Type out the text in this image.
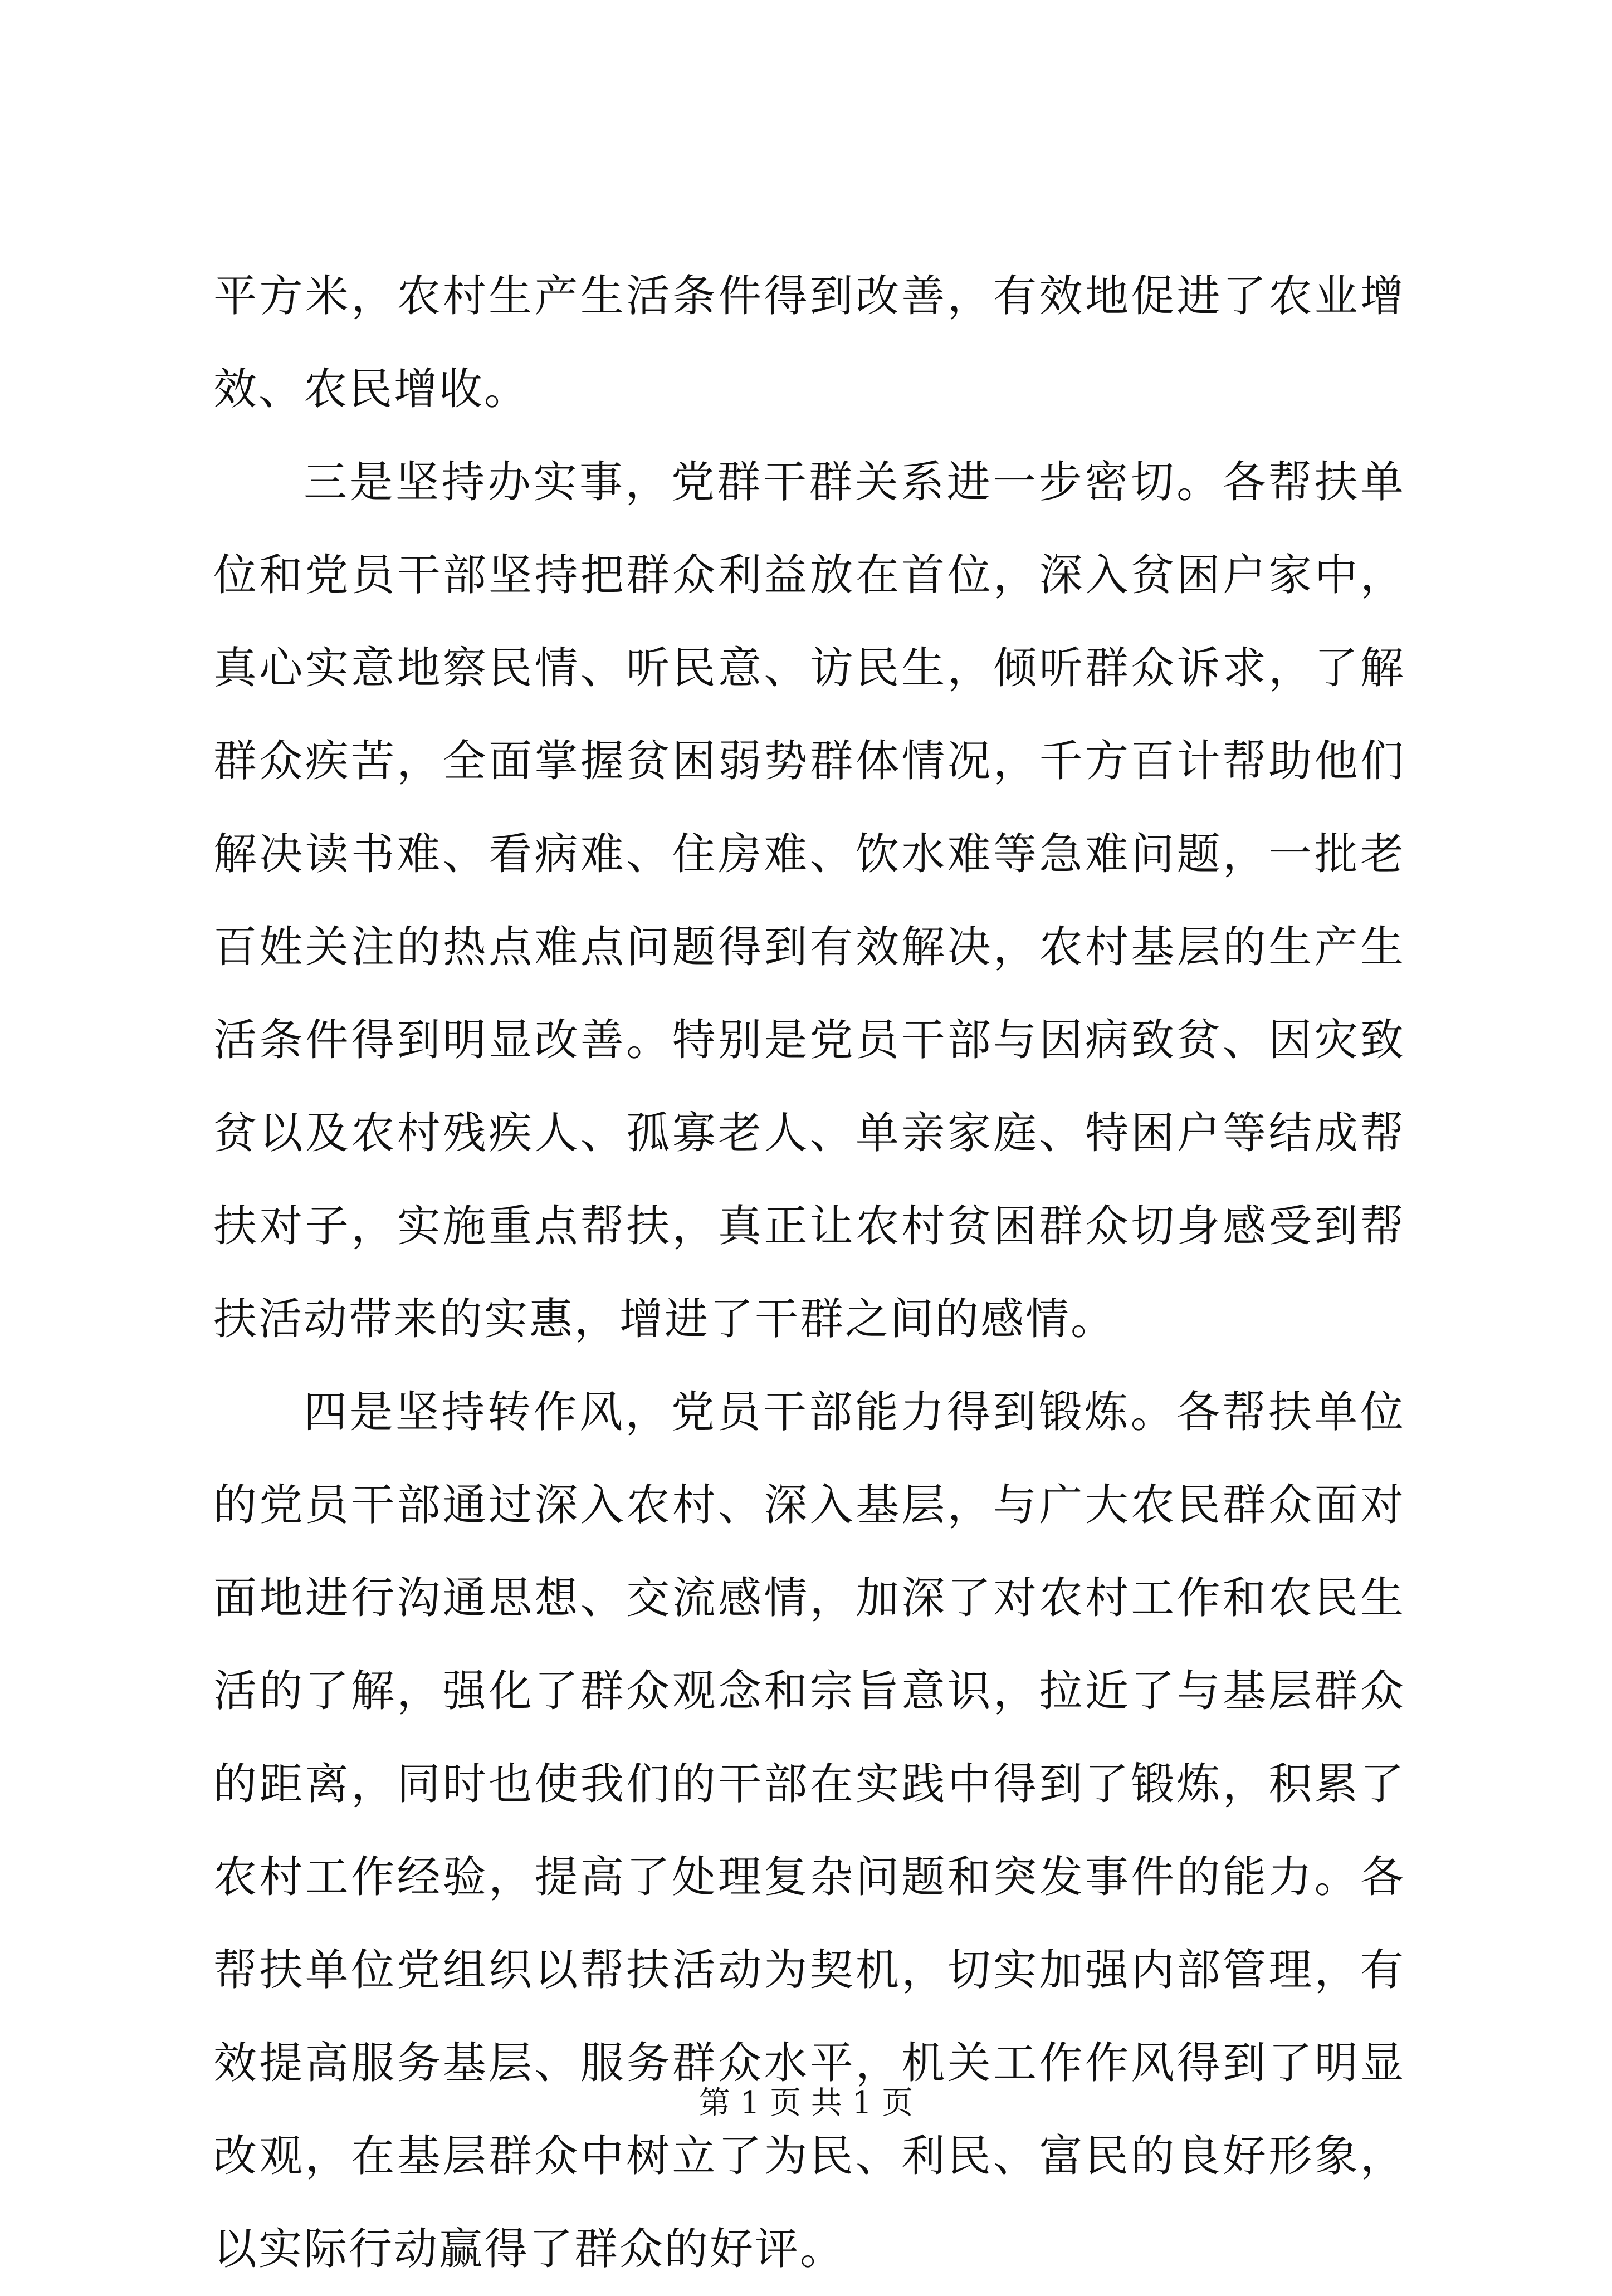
平方米，农村生产生活条件得到改善，有效地促进了农业增效、农民增收。

三是坚持办实事，党群干群关系进一步密切。各帮扶单位和党员干部坚持把群众利益放在首位，深入贫困户家中，真心实意地察民情、听民意、访民生，倾听群众诉求，了解群众疾苦，全面掌握贫困弱势群体情况，千方百计帮助他们解决读书难、看病难、住房难、饮水难等急难问题，一批老百姓关注的热点难点问题得到有效解决，农村基层的生产生活条件得到明显改善。特别是党员干部与因病致贫、因灾致贫以及农村残疾人、孤寡老人、单亲家庭、特困户等结成帮扶对子，实施重点帮扶，真正让农村贫困群众切身感受到帮扶活动带来的实惠，增进了干群之间的感情。

四是坚持转作风，党员干部能力得到锻炼。各帮扶单位的党员干部通过深入农村、深入基层，与广大农民群众面对面地进行沟通思想、交流感情，加深了对农村工作和农民生活的了解，强化了群众观念和宗旨意识，拉近了与基层群众的距离，同时也使我们的干部在实践中得到了锻炼，积累了农村工作经验，提高了处理复杂问题和突发事件的能力。各帮扶单位党组织以帮扶活动为契机，切实加强内部管理，有效提高服务基层、服务群众水平，机关工作作风得到了明显改观，在基层群众中树立了为民、利民、富民的良好形象，以实际行动赢得了群众的好评。

第 1 页 共 1 页
